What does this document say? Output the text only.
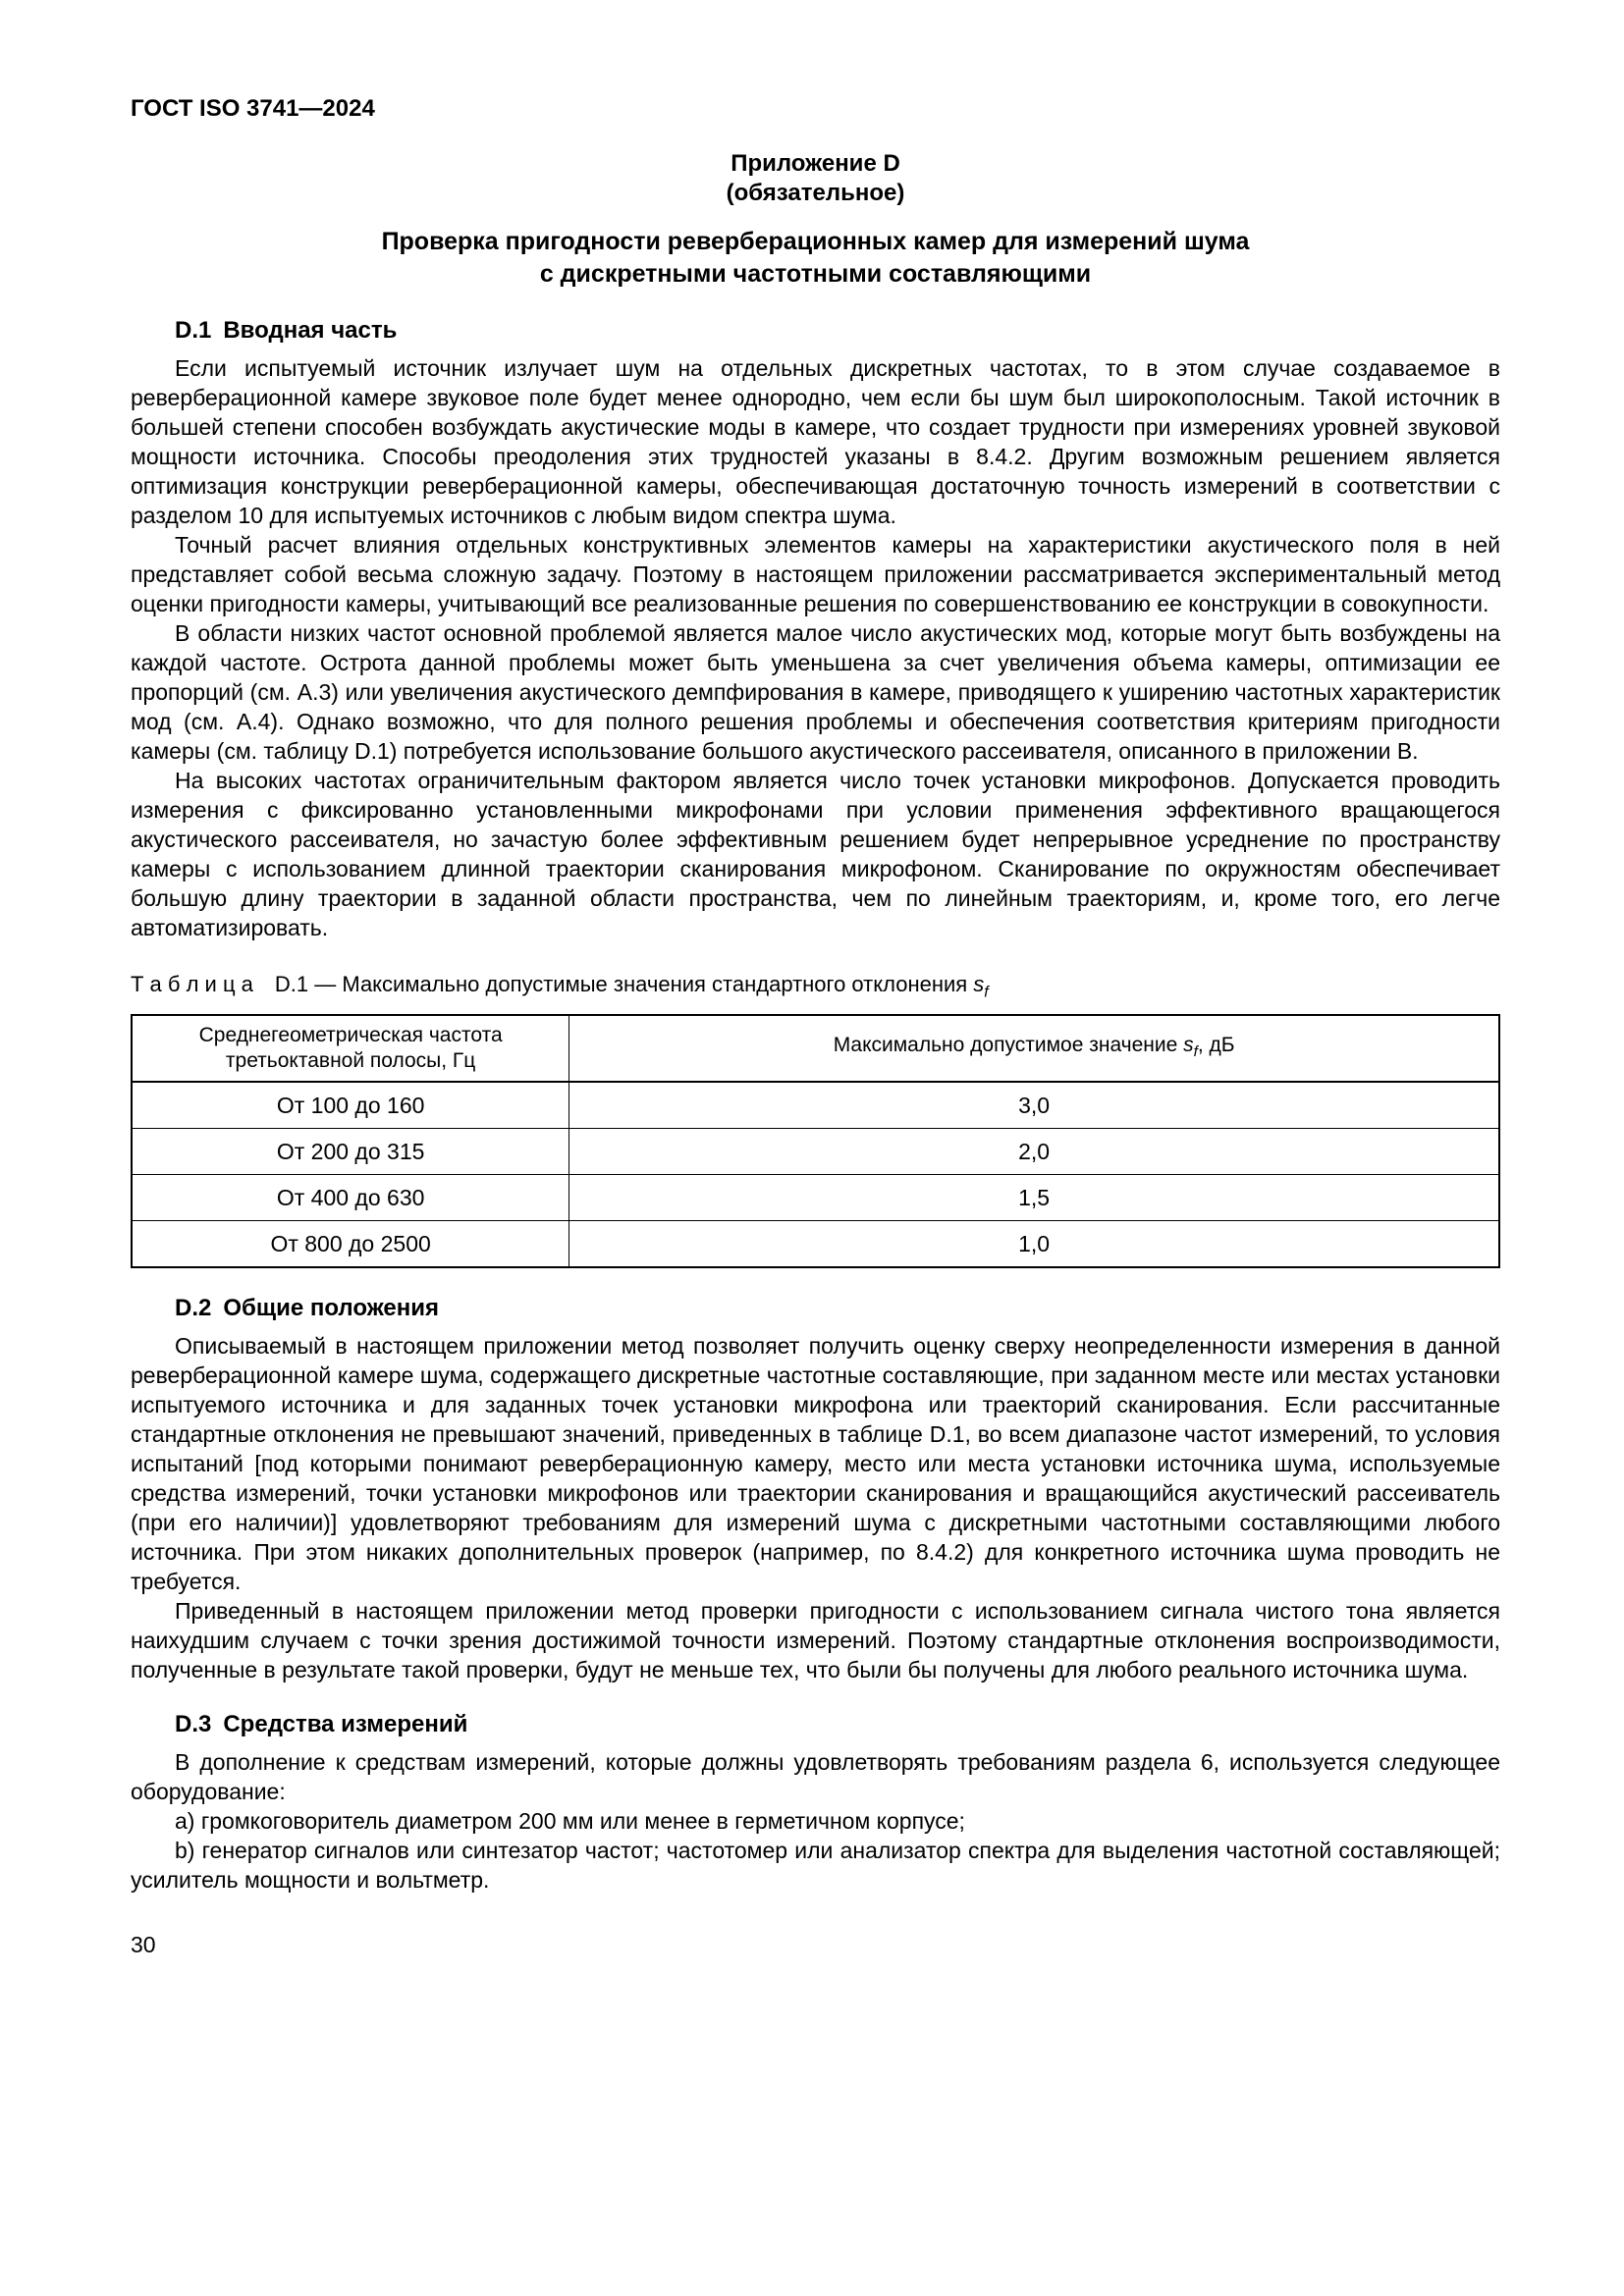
ГОСТ ISO 3741—2024
Приложение D
(обязательное)
Проверка пригодности реверберационных камер для измерений шума
с дискретными частотными составляющими
D.1 Вводная часть

Если испытуемый источник излучает шум на отдельных дискретных частотах, то в этом случае создаваемое в реверберационной камере звуковое поле будет менее однородно, чем если бы шум был широкополосным. Такой источник в большей степени способен возбуждать акустические моды в камере, что создает трудности при измерениях уровней звуковой мощности источника. Способы преодоления этих трудностей указаны в 8.4.2. Другим возможным решением является оптимизация конструкции реверберационной камеры, обеспечивающая достаточную точность измерений в соответствии с разделом 10 для испытуемых источников с любым видом спектра шума.

Точный расчет влияния отдельных конструктивных элементов камеры на характеристики акустического поля в ней представляет собой весьма сложную задачу. Поэтому в настоящем приложении рассматривается экспериментальный метод оценки пригодности камеры, учитывающий все реализованные решения по совершенствованию ее конструкции в совокупности.

В области низких частот основной проблемой является малое число акустических мод, которые могут быть возбуждены на каждой частоте. Острота данной проблемы может быть уменьшена за счет увеличения объема камеры, оптимизации ее пропорций (см. А.3) или увеличения акустического демпфирования в камере, приводящего к уширению частотных характеристик мод (см. А.4). Однако возможно, что для полного решения проблемы и обеспечения соответствия критериям пригодности камеры (см. таблицу D.1) потребуется использование большого акустического рассеивателя, описанного в приложении В.

На высоких частотах ограничительным фактором является число точек установки микрофонов. Допускается проводить измерения с фиксированно установленными микрофонами при условии применения эффективного вращающегося акустического рассеивателя, но зачастую более эффективным решением будет непрерывное усреднение по пространству камеры с использованием длинной траектории сканирования микрофоном. Сканирование по окружностям обеспечивает большую длину траектории в заданной области пространства, чем по линейным траекториям, и, кроме того, его легче автоматизировать.

Т а б л и ц а  D.1 — Максимально допустимые значения стандартного отклонения $s_f$
Среднегеометрическая частота третьоктавной полосы, Гц	Максимально допустимое значение $s_f$, дБ
От 100 до 160	3,0
От 200 до 315	2,0
От 400 до 630	1,5
От 800 до 2500	1,0
D.2 Общие положения

Описываемый в настоящем приложении метод позволяет получить оценку сверху неопределенности измерения в данной реверберационной камере шума, содержащего дискретные частотные составляющие, при заданном месте или местах установки испытуемого источника и для заданных точек установки микрофона или траекторий сканирования. Если рассчитанные стандартные отклонения не превышают значений, приведенных в таблице D.1, во всем диапазоне частот измерений, то условия испытаний [под которыми понимают реверберационную камеру, место или места установки источника шума, используемые средства измерений, точки установки микрофонов или траектории сканирования и вращающийся акустический рассеиватель (при его наличии)] удовлетворяют требованиям для измерений шума с дискретными частотными составляющими любого источника. При этом никаких дополнительных проверок (например, по 8.4.2) для конкретного источника шума проводить не требуется.

Приведенный в настоящем приложении метод проверки пригодности с использованием сигнала чистого тона является наихудшим случаем с точки зрения достижимой точности измерений. Поэтому стандартные отклонения воспроизводимости, полученные в результате такой проверки, будут не меньше тех, что были бы получены для любого реального источника шума.

D.3 Средства измерений

В дополнение к средствам измерений, которые должны удовлетворять требованиям раздела 6, используется следующее оборудование:

a) громкоговоритель диаметром 200 мм или менее в герметичном корпусе;

b) генератор сигналов или синтезатор частот; частотомер или анализатор спектра для выделения частотной составляющей; усилитель мощности и вольтметр.

30
